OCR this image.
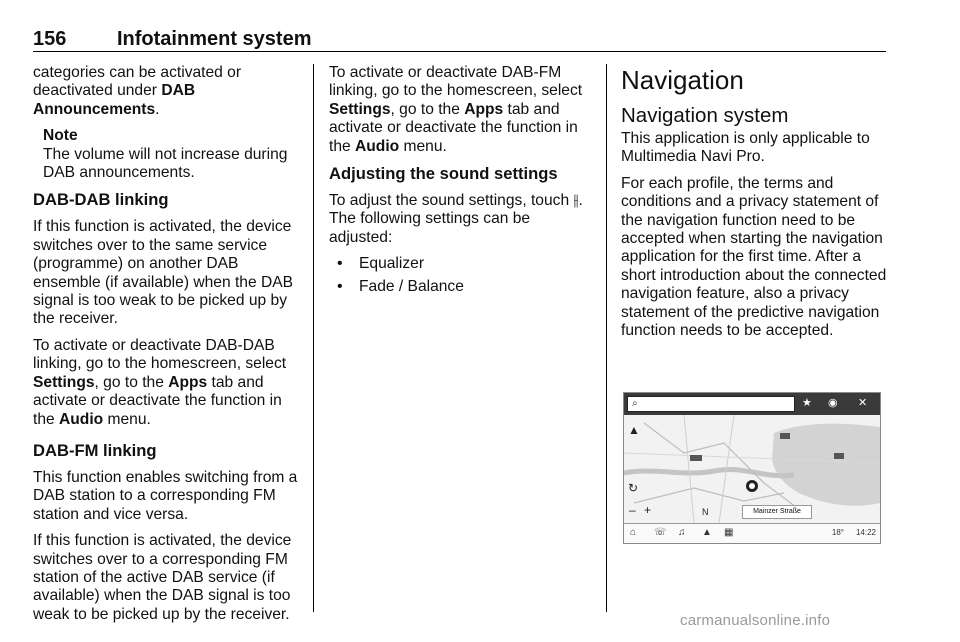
156	Infotainment system

categories can be activated or deactivated under DAB Announcements.

Note
The volume will not increase during DAB announcements.
DAB-DAB linking

If this function is activated, the device switches over to the same service (programme) on another DAB ensemble (if available) when the DAB signal is too weak to be picked up by the receiver.

To activate or deactivate DAB-DAB linking, go to the homescreen, select Settings, go to the Apps tab and activate or deactivate the function in the Audio menu.

DAB-FM linking

This function enables switching from a DAB station to a corresponding FM station and vice versa.

If this function is activated, the device switches over to a corresponding FM station of the active DAB service (if available) when the DAB signal is too weak to be picked up by the receiver.

To activate or deactivate DAB-FM linking, go to the homescreen, select Settings, go to the Apps tab and activate or deactivate the function in the Audio menu.

Adjusting the sound settings

To adjust the sound settings, touch ⫲. The following settings can be adjusted:

• Equalizer
• Fade / Balance
Navigation
Navigation system

This application is only applicable to Multimedia Navi Pro.

For each profile, the terms and conditions and a privacy statement of the navigation function need to be accepted when starting the navigation application for the first time. After a short introduction about the connected navigation feature, also a privacy statement of the predictive navigation function needs to be accepted.

⌕	★ ◉ ✕
▲
↻
– +	N	Mainzer Straße
⌂ ☏ ♫ ▲ ▦	18° 14:22
carmanualsonline.info
